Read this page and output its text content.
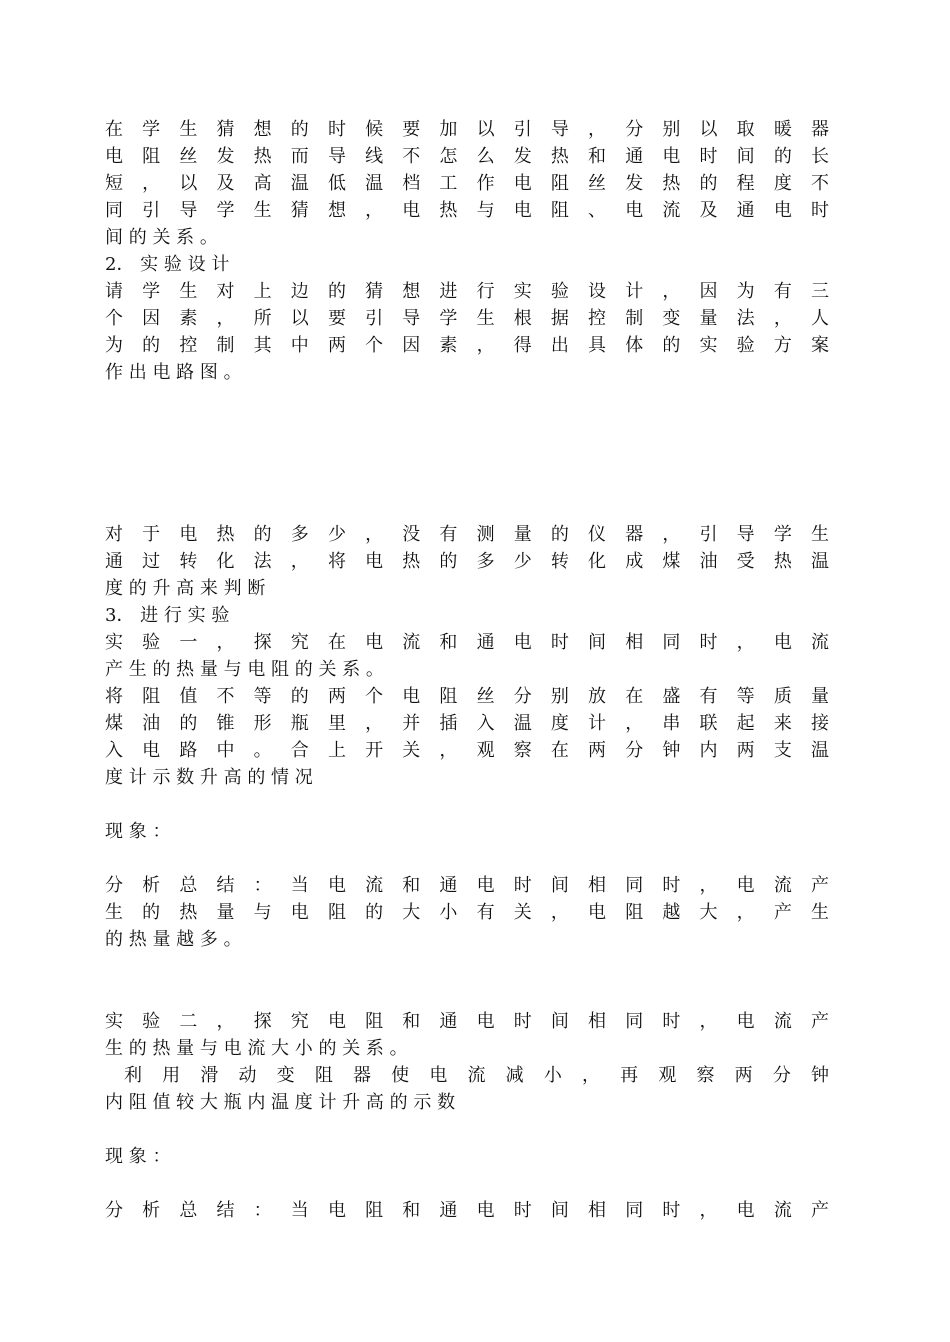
在学生猜想的时候要加以引导，分别以取暖器
电阻丝发热而导线不怎么发热和通电时间的长
短，以及高温低温档工作电阻丝发热的程度不
同引导学生猜想，电热与电阻、电流及通电时
间 的 关 系 。
2． 实 验 设 计
请学生对上边的猜想进行实验设计，因为有三
个因素，所以要引导学生根据控制变量法，人
为的控制其中两个因素，得出具体的实验方案
作 出 电 路 图 。
对于电热的多少，没有测量的仪器，引导学生
通过转化法，将电热的多少转化成煤油受热温
度 的 升 高 来 判 断
3． 进 行 实 验
实验一，探究在电流和通电时间相同时，电流
产 生 的 热 量 与 电 阻 的 关 系 。
将阻值不等的两个电阻丝分别放在盛有等质量
煤油的锥形瓶里，并插入温度计，串联起来接
入电路中。合上开关，观察在两分钟内两支温
度 计 示 数 升 高 的 情 况
现 象 ：
分析总结：当电流和通电时间相同时，电流产
生的热量与电阻的大小有关，电阻越大，产生
的 热 量 越 多 。
实验二，探究电阻和通电时间相同时，电流产
生 的 热 量 与 电 流 大 小 的 关 系 。
利用滑动变阻器使电流减小，再观察两分钟
内 阻 值 较 大 瓶 内 温 度 计 升 高 的 示 数
现 象 ：
分析总结：当电阻和通电时间相同时，电流产
